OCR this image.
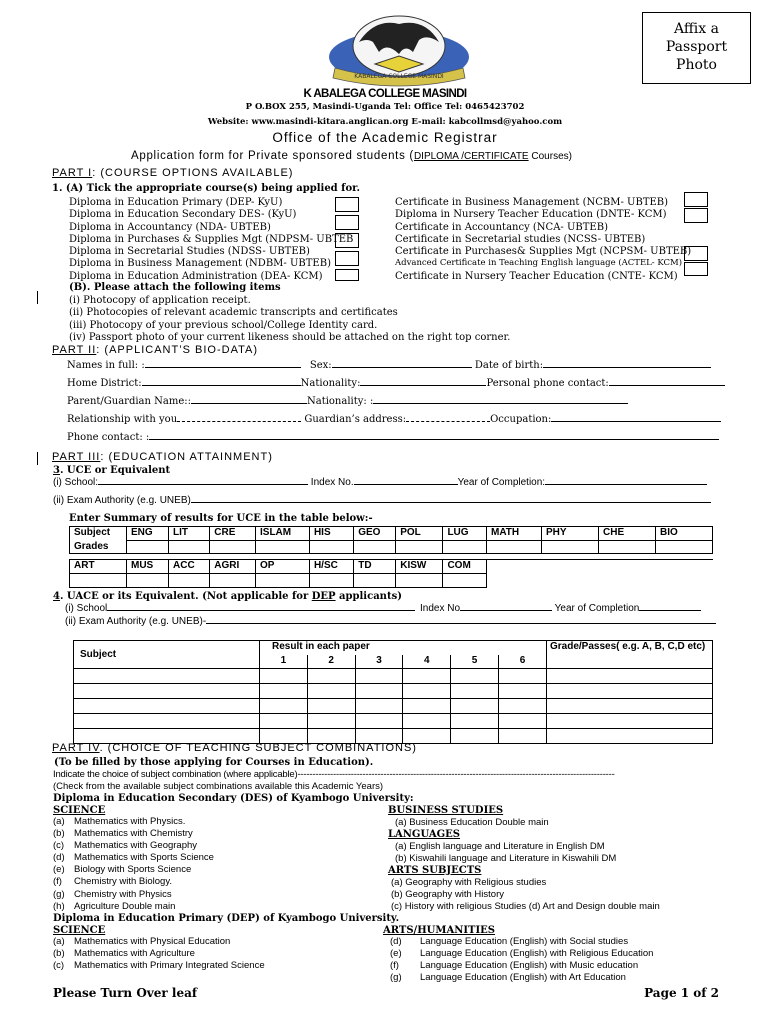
Affix a
Passport
Photo
KABALEGA COLLEGE MASINDI
K ABALEGA COLLEGE MASINDI
P O.BOX 255, Masindi-Uganda Tel: Office Tel: 0465423702
Website: www.masindi-kitara.anglican.org E-mail: kabcollmsd@yahoo.com
Office of the Academic Registrar
Application form for Private sponsored students (DIPLOMA /CERTIFICATE Courses)
PART I: (COURSE OPTIONS AVAILABLE)
1. (A) Tick the appropriate course(s) being applied for.
Diploma in Education Primary (DEP- KyU)
Diploma in Education Secondary DES- (KyU)
Diploma in Accountancy (NDA- UBTEB)
Diploma in Purchases & Supplies Mgt (NDPSM- UBTEB
Diploma in Secretarial Studies (NDSS- UBTEB)
Diploma in Business Management (NDBM- UBTEB)
Diploma in Education Administration (DEA- KCM)
Certificate in Business Management (NCBM- UBTEB)
Diploma in Nursery Teacher Education (DNTE- KCM)
Certificate in Accountancy (NCA- UBTEB)
Certificate in Secretarial studies (NCSS- UBTEB)
Certificate in Purchases& Supplies Mgt (NCPSM- UBTEB)
Advanced Certificate in Teaching English language (ACTEL- KCM)
Certificate in Nursery Teacher Education (CNTE- KCM)
(B). Please attach the following items
(i) Photocopy of application receipt.
(ii) Photocopies of relevant academic transcripts and certificates
(iii) Photocopy of your previous school/College Identity card.
(iv) Passport photo of your current likeness should be attached on the right top corner.
PART II: (APPLICANT’S BIO-DATA)
Names in full: :	Sex:	Date of birth:
Home District:	Nationality:	Personal phone contact:
Parent/Guardian Name::	Nationality: :
Relationship with you	Guardian’s address:	Occupation:
Phone contact: :
PART III: (EDUCATION ATTAINMENT)
3. UCE or Equivalent
(i) School:	Index No.	Year of Completion:
(ii) Exam Authority (e.g. UNEB)
Enter Summary of results for UCE in the table below:-
Subject	ENG	LIT	CRE	ISLAM	HIS	GEO	POL	LUG	MATH	PHY	CHE	BIO
Grades												

ART	MUS	ACC	AGRI	OP	H/SC	TD	KISW	COM				

4. UACE or its Equivalent. (Not applicable for DEP applicants)
(i) School	Index No	Year of Completion
(ii) Exam Authority (e.g. UNEB)-
Subject	Result in each paper						Grade/Passes( e.g. A, B, C,D etc)
	1	2	3	4	5	6	

PART IV. (CHOICE OF TEACHING SUBJECT COMBINATIONS)
(To be filled by those applying for Courses in Education).
Indicate the choice of subject combination (where applicable)-----------------------------------------------------------------------------------------------------------
(Check from the available subject combinations available this Academic Years)
Diploma in Education Secondary (DES) of Kyambogo University:
SCIENCE
(a) Mathematics with Physics.
(b) Mathematics with Chemistry
(c) Mathematics with Geography
(d) Mathematics with Sports Science
(e) Biology with Sports Science
(f) Chemistry with Biology.
(g) Chemistry with Physics
(h) Agriculture Double main
Diploma in Education Primary (DEP) of Kyambogo University.
SCIENCE
(a) Mathematics with Physical Education
(b) Mathematics with Agriculture
(c) Mathematics with Primary Integrated Science
BUSINESS STUDIES
(a) Business Education Double main
LANGUAGES
(a) English language and Literature in English DM
(b) Kiswahili language and Literature in Kiswahili DM
ARTS SUBJECTS
(a) Geography with Religious studies
(b) Geography with History
(c) History with religious Studies (d) Art and Design double main
ARTS/HUMANITIES
(d) Language Education (English) with Social studies
(e) Language Education (English) with Religious Education
(f) Language Education (English) with Music education
(g) Language Education (English) with Art Education
Please Turn Over leaf	Page 1 of 2
